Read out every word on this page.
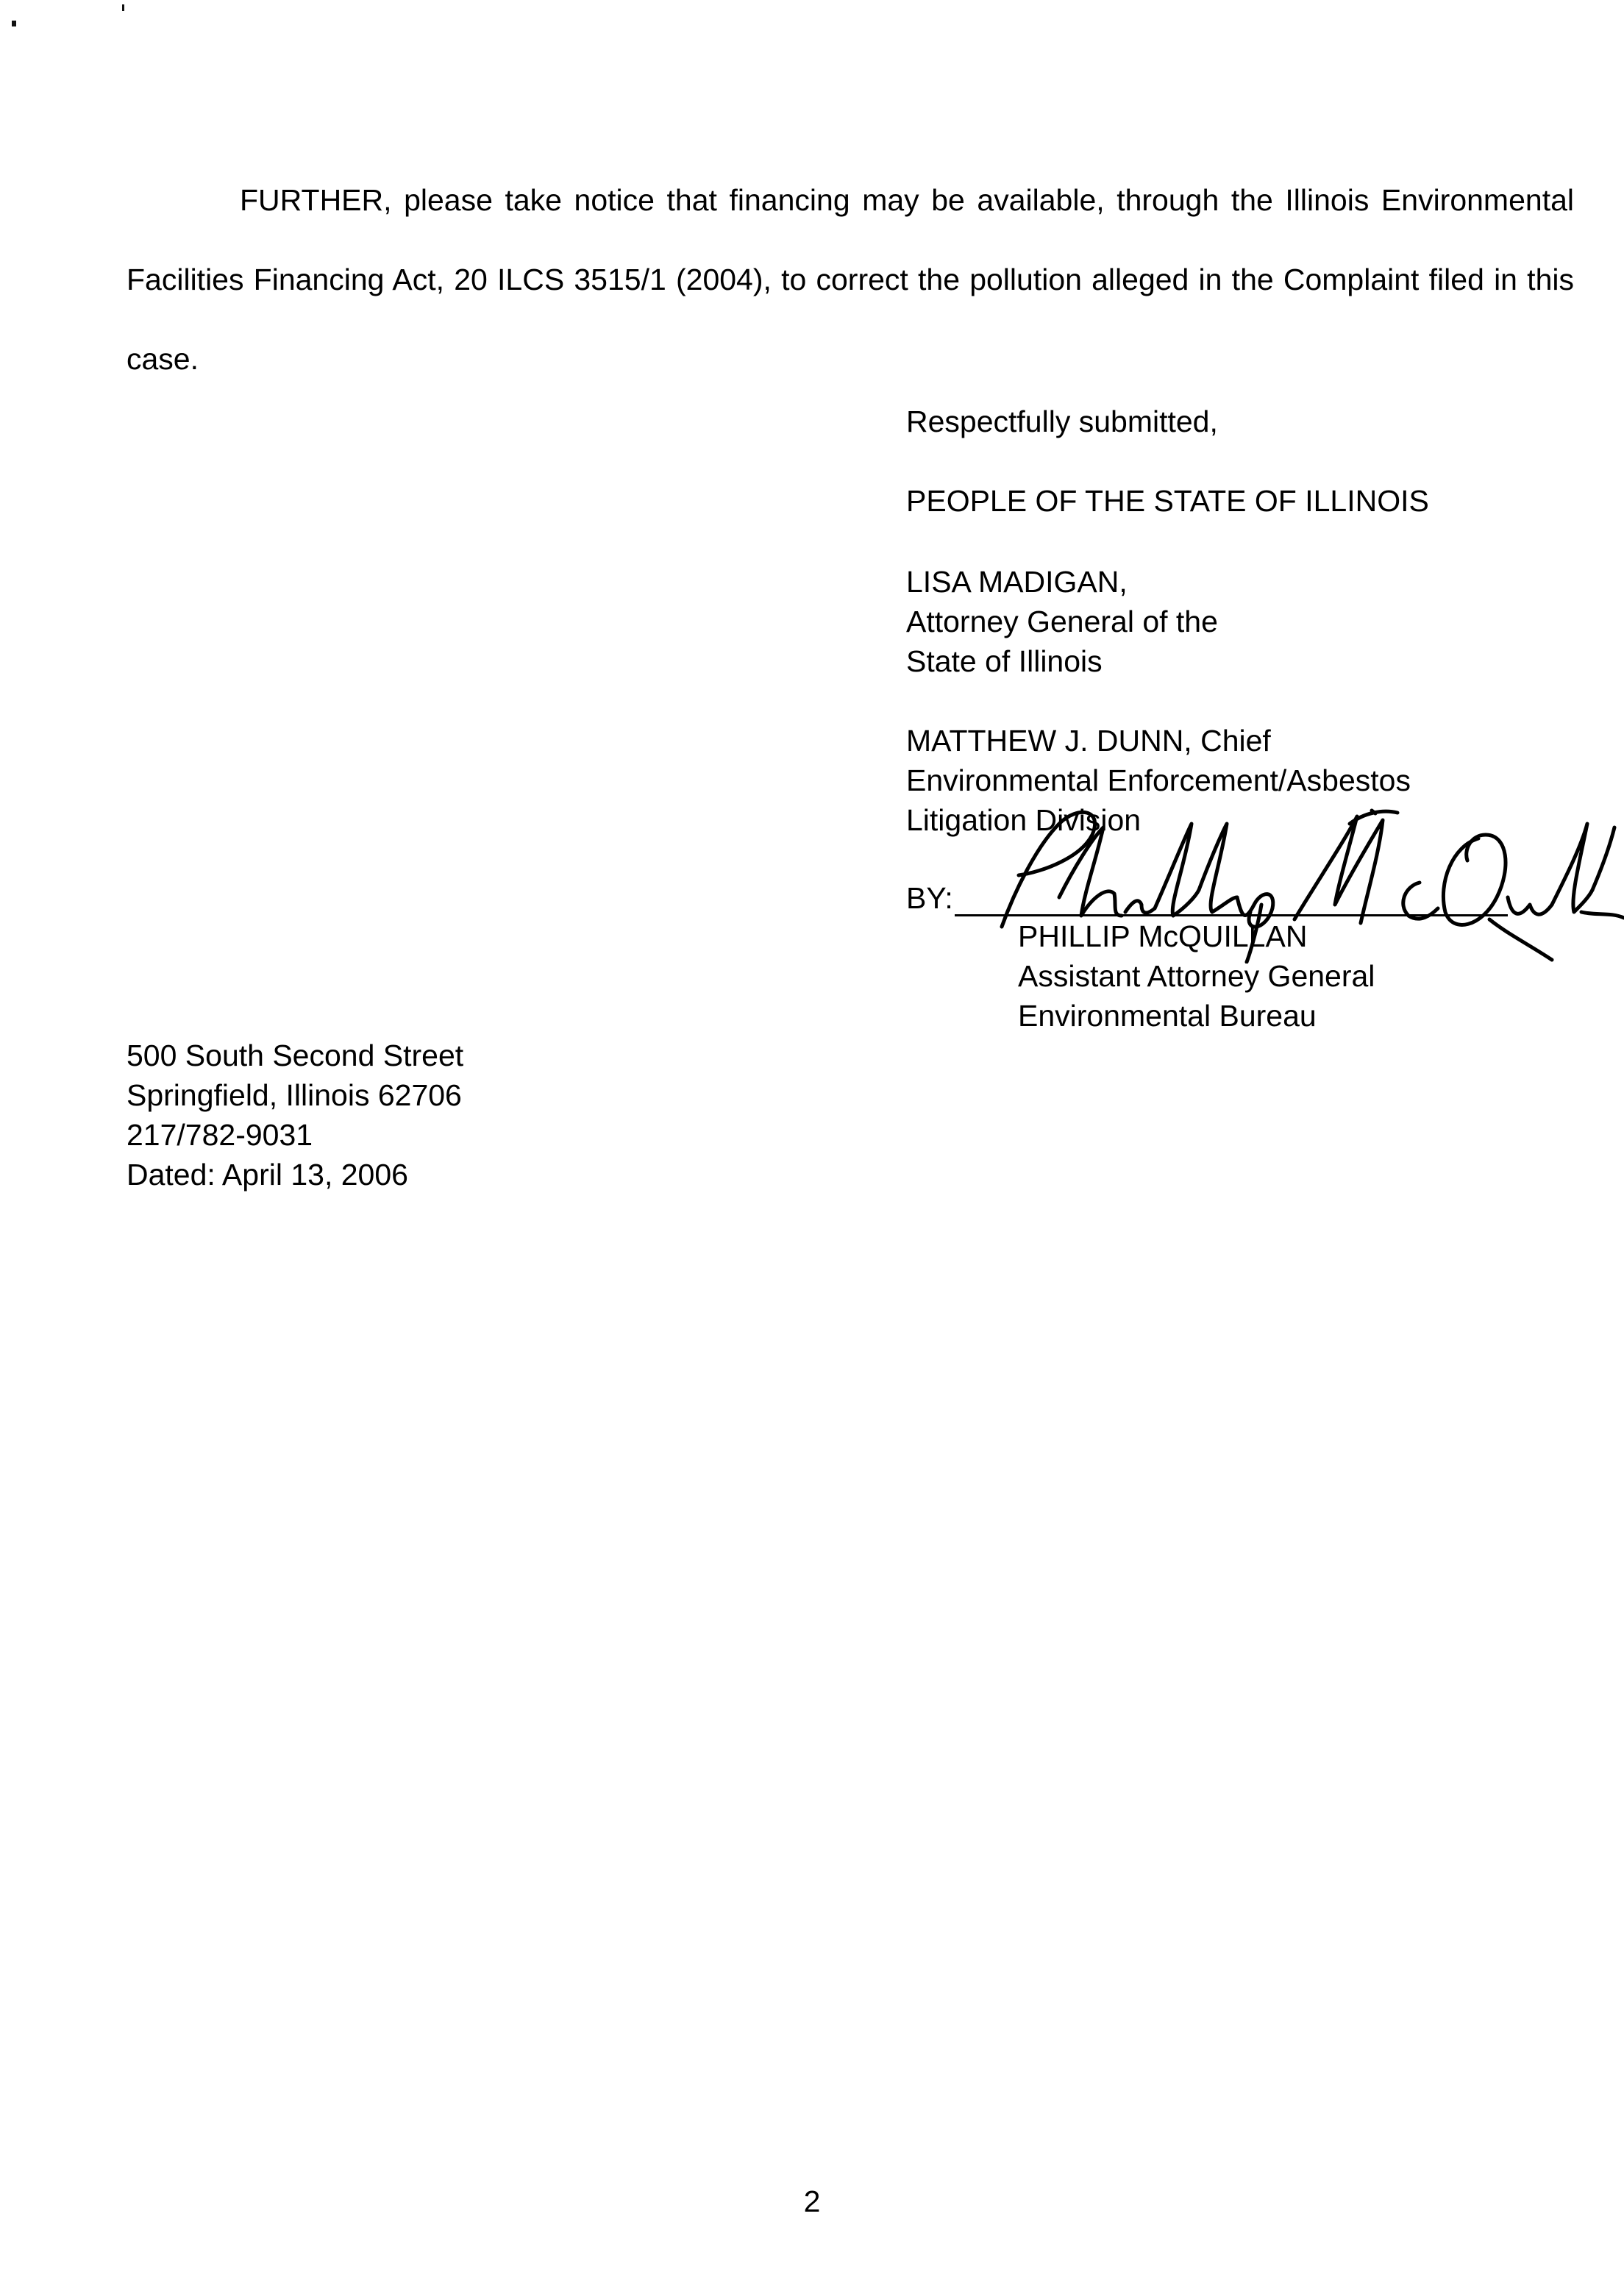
FURTHER, please take notice that financing may be available, through the Illinois Environmental Facilities Financing Act, 20 ILCS 3515/1 (2004), to correct the pollution alleged in the Complaint filed in this case.

Respectfully submitted,
PEOPLE OF THE STATE OF ILLINOIS
LISA MADIGAN,
Attorney General of the
State of Illinois
MATTHEW J. DUNN, Chief
Environmental Enforcement/Asbestos
Litigation Division
BY:
PHILLIP McQUILLAN
Assistant Attorney General
Environmental Bureau
500 South Second Street
Springfield, Illinois 62706
217/782-9031
Dated: April 13, 2006
2
